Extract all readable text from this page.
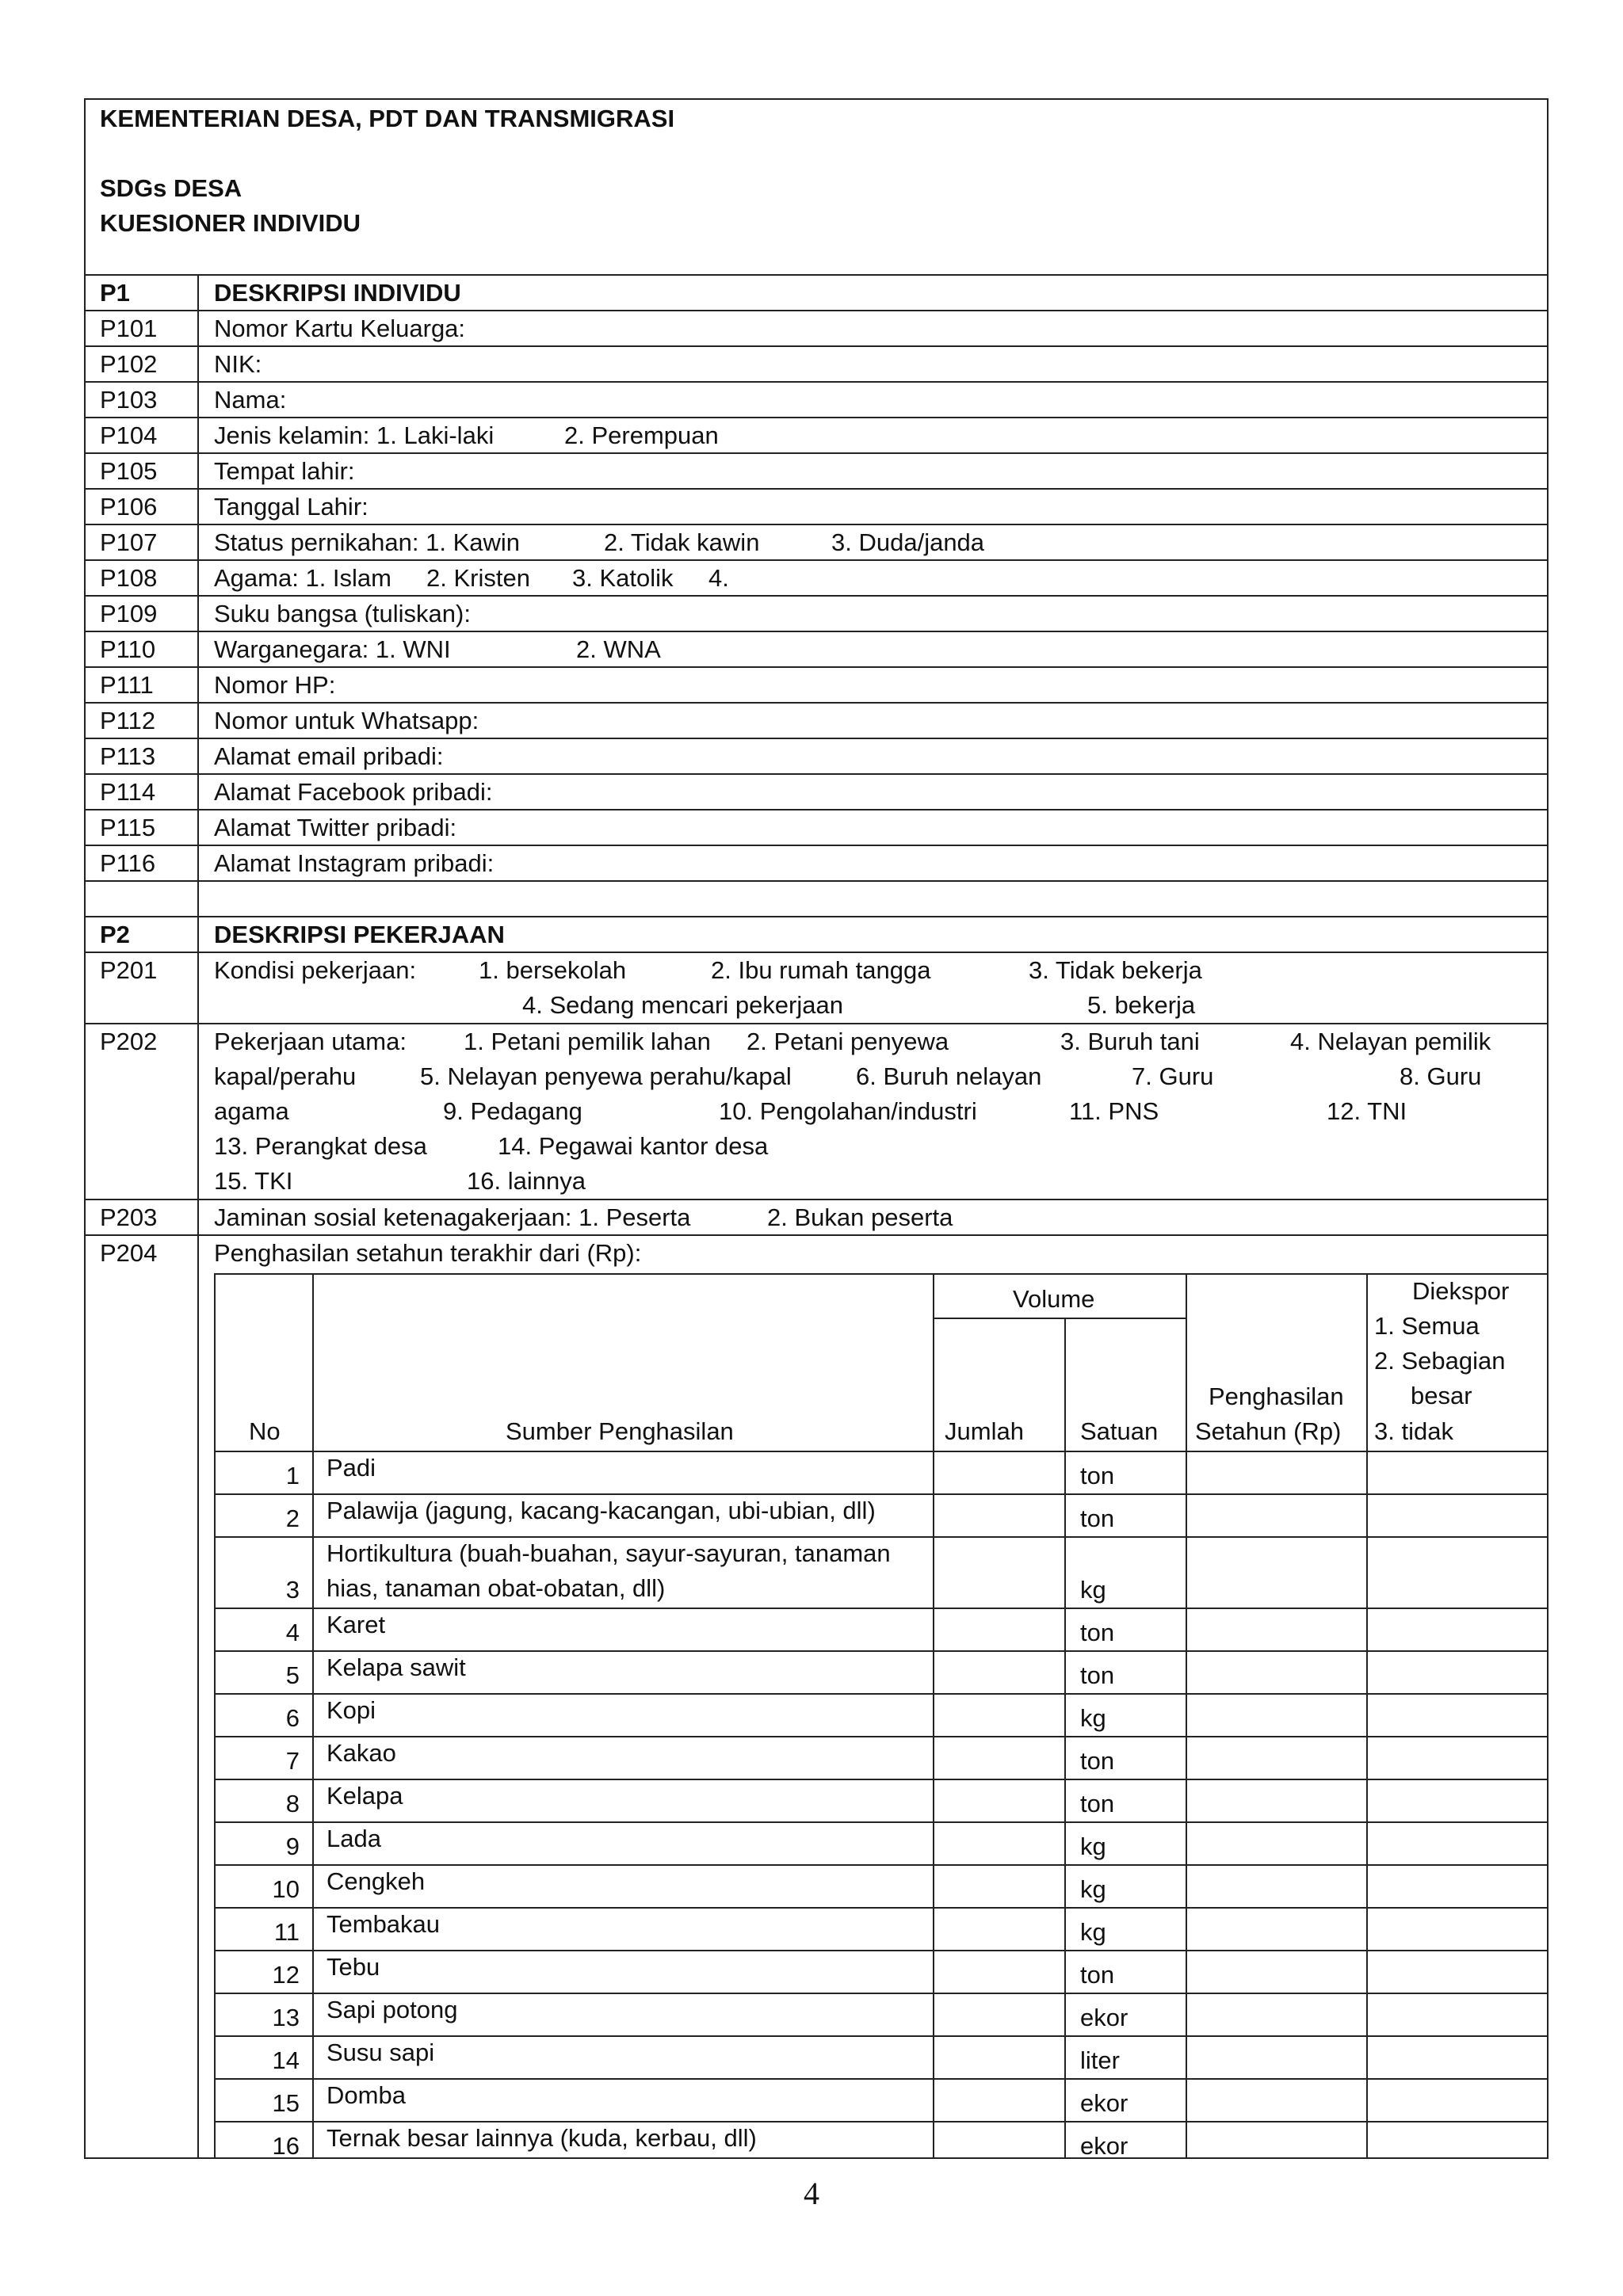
KEMENTERIAN DESA, PDT DAN TRANSMIGRASI
SDGs DESA
KUESIONER INDIVIDU
P1	DESKRIPSI INDIVIDU
P101 Nomor Kartu Keluarga:
P102 NIK:
P103 Nama:
P104 Jenis kelamin: 1. Laki-laki	2. Perempuan
P105 Tempat lahir:
P106 Tanggal Lahir:
P107 Status pernikahan: 1. Kawin	2. Tidak kawin	3. Duda/janda
P108 Agama: 1. Islam 2. Kristen 3. Katolik 4.
P109 Suku bangsa (tuliskan):
P110 Warganegara: 1. WNI	2. WNA
P111 Nomor HP:
P112 Nomor untuk Whatsapp:
P113 Alamat email pribadi:
P114 Alamat Facebook pribadi:
P115 Alamat Twitter pribadi:
P116 Alamat Instagram pribadi:
P2	DESKRIPSI PEKERJAAN
P201 Kondisi pekerjaan:	1. bersekolah	2. Ibu rumah tangga	3. Tidak bekerja
4. Sedang mencari pekerjaan	5. bekerja
P202 Pekerjaan utama: 1. Petani pemilik lahan 2. Petani penyewa	3. Buruh tani	4. Nelayan pemilik
kapal/perahu	5. Nelayan penyewa perahu/kapal	6. Buruh nelayan	7. Guru	8. Guru
agama	9. Pedagang	10. Pengolahan/industri	11. PNS	12. TNI
13. Perangkat desa	14. Pegawai kantor desa
15. TKI	16. lainnya
P203 Jaminan sosial ketenagakerjaan: 1. Peserta	2. Bukan peserta
P204 Penghasilan setahun terakhir dari (Rp):
No	Sumber Penghasilan
Volume
Jumlah Satuan
Penghasilan
Setahun (Rp)
Diekspor
1. Semua
2. Sebagian
besar
3. tidak
1 Padi	ton
2 Palawija (jagung, kacang-kacangan, ubi-ubian, dll)	ton
3
Hortikultura (buah-buahan, sayur-sayuran, tanaman
hias, tanaman obat-obatan, dll)	kg
4 Karet	ton
5 Kelapa sawit	ton
6 Kopi	kg
7 Kakao	ton
8 Kelapa	ton
9 Lada	kg
10 Cengkeh	kg
11 Tembakau	kg
12 Tebu	ton
13 Sapi potong	ekor
14 Susu sapi	liter
15 Domba	ekor
16 Ternak besar lainnya (kuda, kerbau, dll)	ekor
4
